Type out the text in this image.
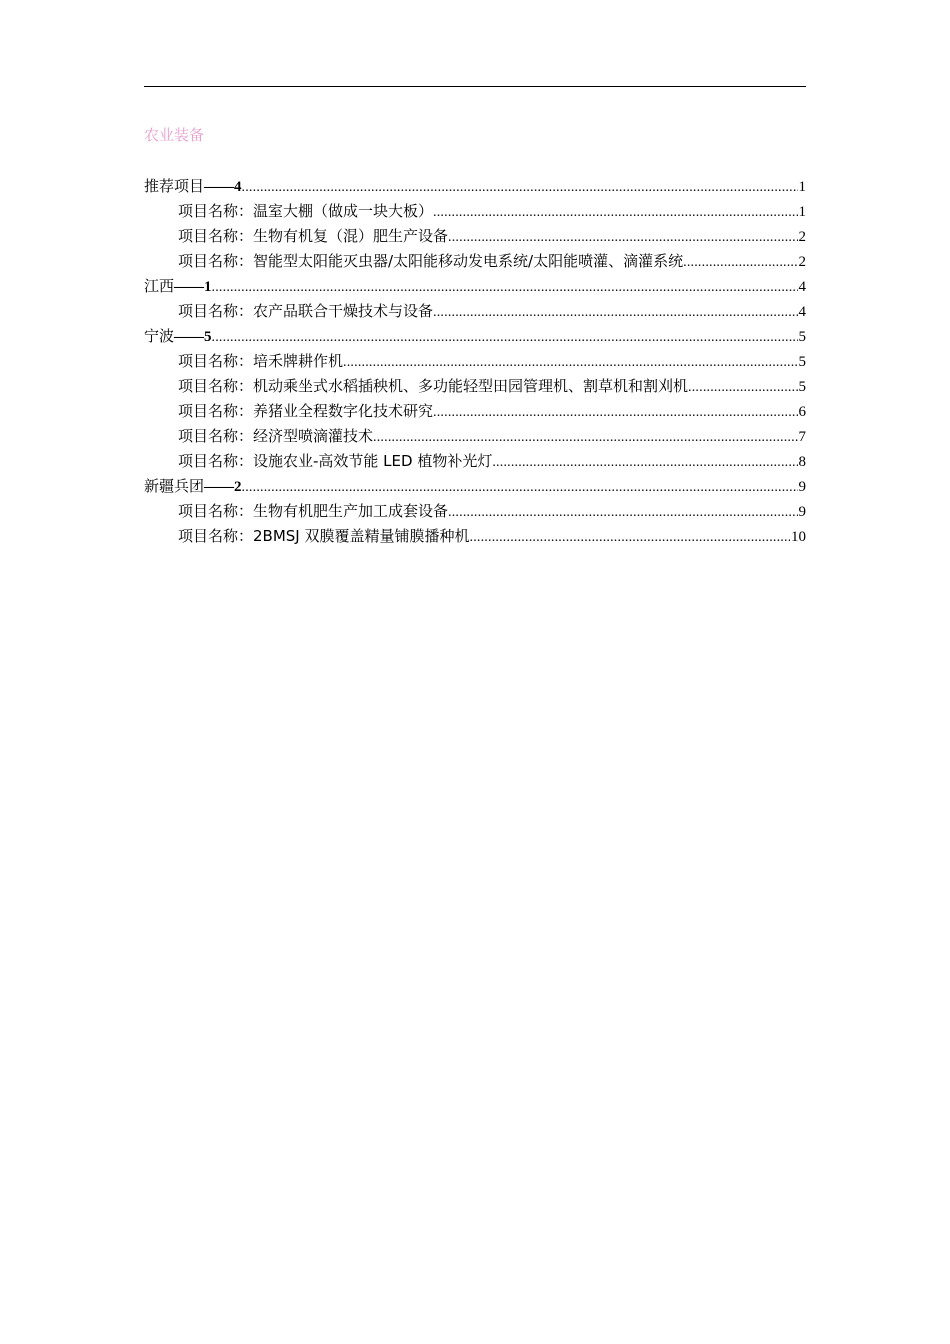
农业装备
推荐项目——4 .....	1
项目名称：温室大棚（做成一块大板） .....	1
项目名称：生物有机复（混）肥生产设备 .....	2
项目名称：智能型太阳能灭虫器/太阳能移动发电系统/太阳能喷灌、滴灌系统 .....	2
江西——1 .....	4
项目名称：农产品联合干燥技术与设备 .....	4
宁波——5 .....	5
项目名称：培禾牌耕作机 .....	5
项目名称：机动乘坐式水稻插秧机、多功能轻型田园管理机、割草机和割刈机 .....	5
项目名称：养猪业全程数字化技术研究 .....	6
项目名称：经济型喷滴灌技术 .....	7
项目名称：设施农业-高效节能 LED 植物补光灯 .....	8
新疆兵团——2 .....	9
项目名称：生物有机肥生产加工成套设备 .....	9
项目名称：2BMSJ 双膜覆盖精量铺膜播种机 .....	10
